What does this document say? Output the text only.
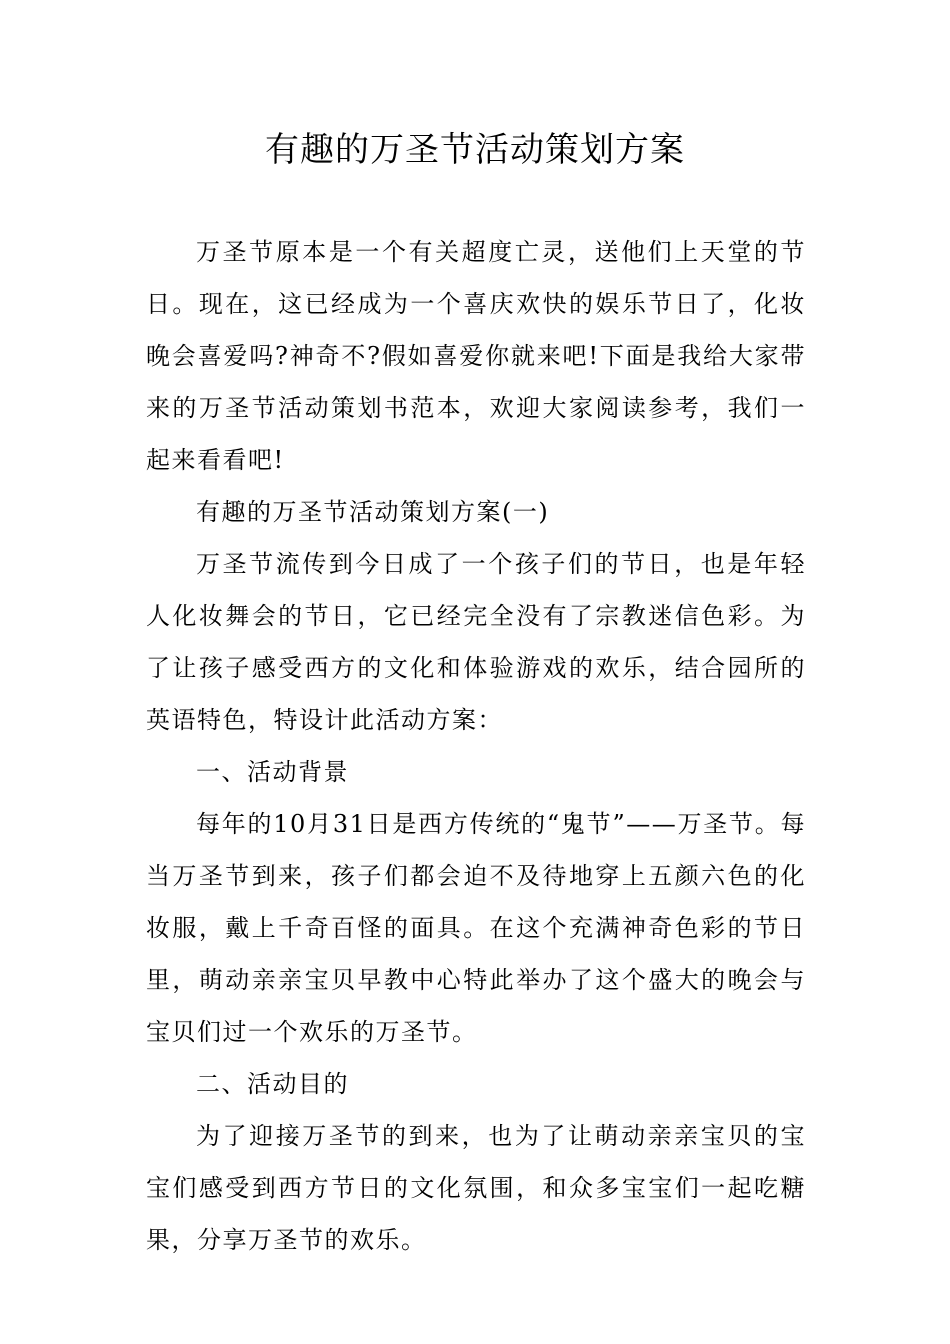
有趣的万圣节活动策划方案

万圣节原本是一个有关超度亡灵，送他们上天堂的节日。现在，这已经成为一个喜庆欢快的娱乐节日了，化妆晚会喜爱吗?神奇不?假如喜爱你就来吧!下面是我给大家带来的万圣节活动策划书范本，欢迎大家阅读参考，我们一起来看看吧!

有趣的万圣节活动策划方案(一)

万圣节流传到今日成了一个孩子们的节日，也是年轻人化妆舞会的节日，它已经完全没有了宗教迷信色彩。为了让孩子感受西方的文化和体验游戏的欢乐，结合园所的英语特色，特设计此活动方案：

一、活动背景

每年的10月31日是西方传统的“鬼节”——万圣节。每当万圣节到来，孩子们都会迫不及待地穿上五颜六色的化妆服，戴上千奇百怪的面具。在这个充满神奇色彩的节日里，萌动亲亲宝贝早教中心特此举办了这个盛大的晚会与宝贝们过一个欢乐的万圣节。

二、活动目的

为了迎接万圣节的到来，也为了让萌动亲亲宝贝的宝宝们感受到西方节日的文化氛围，和众多宝宝们一起吃糖果，分享万圣节的欢乐。
